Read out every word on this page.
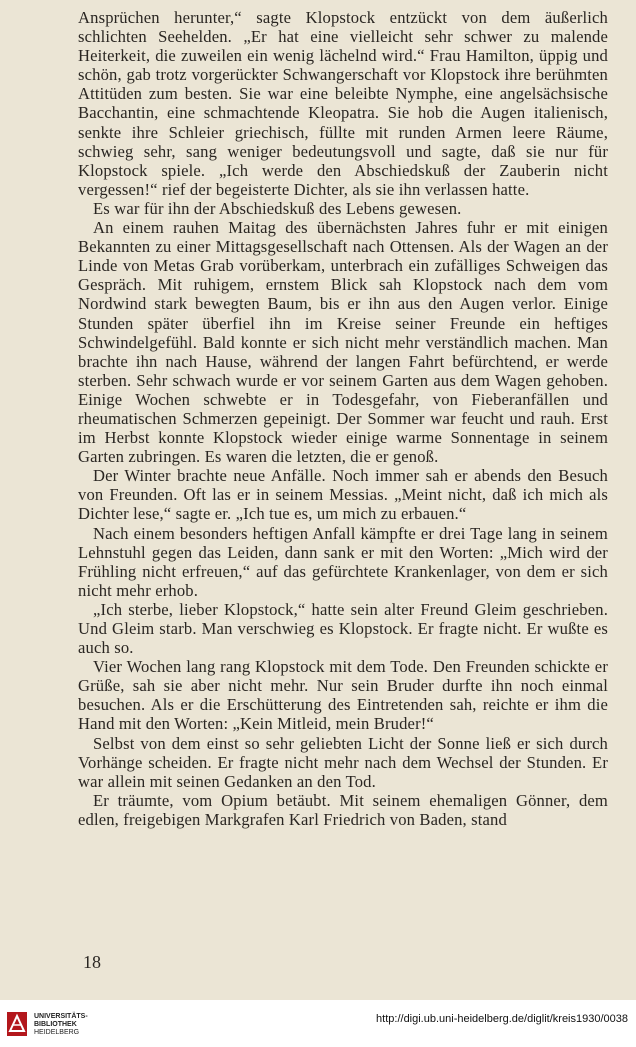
Ansprüchen herunter,“ sagte Klopstock entzückt von dem äußerlich schlichten Seehelden. „Er hat eine vielleicht sehr schwer zu malende Heiterkeit, die zuweilen ein wenig lächelnd wird.“ Frau Hamilton, üppig und schön, gab trotz vorgerückter Schwangerschaft vor Klopstock ihre berühmten Attitüden zum besten. Sie war eine beleibte Nymphe, eine angelsächsische Bacchantin, eine schmachtende Kleopatra. Sie hob die Augen italienisch, senkte ihre Schleier griechisch, füllte mit runden Armen leere Räume, schwieg sehr, sang weniger bedeutungsvoll und sagte, daß sie nur für Klopstock spiele. „Ich werde den Abschiedskuß der Zauberin nicht vergessen!“ rief der begeisterte Dichter, als sie ihn verlassen hatte.

Es war für ihn der Abschiedskuß des Lebens gewesen.

An einem rauhen Maitag des übernächsten Jahres fuhr er mit einigen Bekannten zu einer Mittagsgesellschaft nach Ottensen. Als der Wagen an der Linde von Metas Grab vorüberkam, unterbrach ein zufälliges Schweigen das Gespräch. Mit ruhigem, ernstem Blick sah Klopstock nach dem vom Nordwind stark bewegten Baum, bis er ihn aus den Augen verlor. Einige Stunden später überfiel ihn im Kreise seiner Freunde ein heftiges Schwindelgefühl. Bald konnte er sich nicht mehr verständlich machen. Man brachte ihn nach Hause, während der langen Fahrt befürchtend, er werde sterben. Sehr schwach wurde er vor seinem Garten aus dem Wagen gehoben. Einige Wochen schwebte er in Todesgefahr, von Fieberanfällen und rheumatischen Schmerzen gepeinigt. Der Sommer war feucht und rauh. Erst im Herbst konnte Klopstock wieder einige warme Sonnentage in seinem Garten zubringen. Es waren die letzten, die er genoß.

Der Winter brachte neue Anfälle. Noch immer sah er abends den Besuch von Freunden. Oft las er in seinem Messias. „Meint nicht, daß ich mich als Dichter lese,“ sagte er. „Ich tue es, um mich zu erbauen.“

Nach einem besonders heftigen Anfall kämpfte er drei Tage lang in seinem Lehnstuhl gegen das Leiden, dann sank er mit den Worten: „Mich wird der Frühling nicht erfreuen,“ auf das gefürchtete Krankenlager, von dem er sich nicht mehr erhob.

„Ich sterbe, lieber Klopstock,“ hatte sein alter Freund Gleim geschrieben. Und Gleim starb. Man verschwieg es Klopstock. Er fragte nicht. Er wußte es auch so.

Vier Wochen lang rang Klopstock mit dem Tode. Den Freunden schickte er Grüße, sah sie aber nicht mehr. Nur sein Bruder durfte ihn noch einmal besuchen. Als er die Erschütterung des Eintretenden sah, reichte er ihm die Hand mit den Worten: „Kein Mitleid, mein Bruder!“

Selbst von dem einst so sehr geliebten Licht der Sonne ließ er sich durch Vorhänge scheiden. Er fragte nicht mehr nach dem Wechsel der Stunden. Er war allein mit seinen Gedanken an den Tod.

Er träumte, vom Opium betäubt. Mit seinem ehemaligen Gönner, dem edlen, freigebigen Markgrafen Karl Friedrich von Baden, stand

18
UNIVERSITÄTS-
BIBLIOTHEK
HEIDELBERG
http://digi.ub.uni-heidelberg.de/diglit/kreis1930/0038
